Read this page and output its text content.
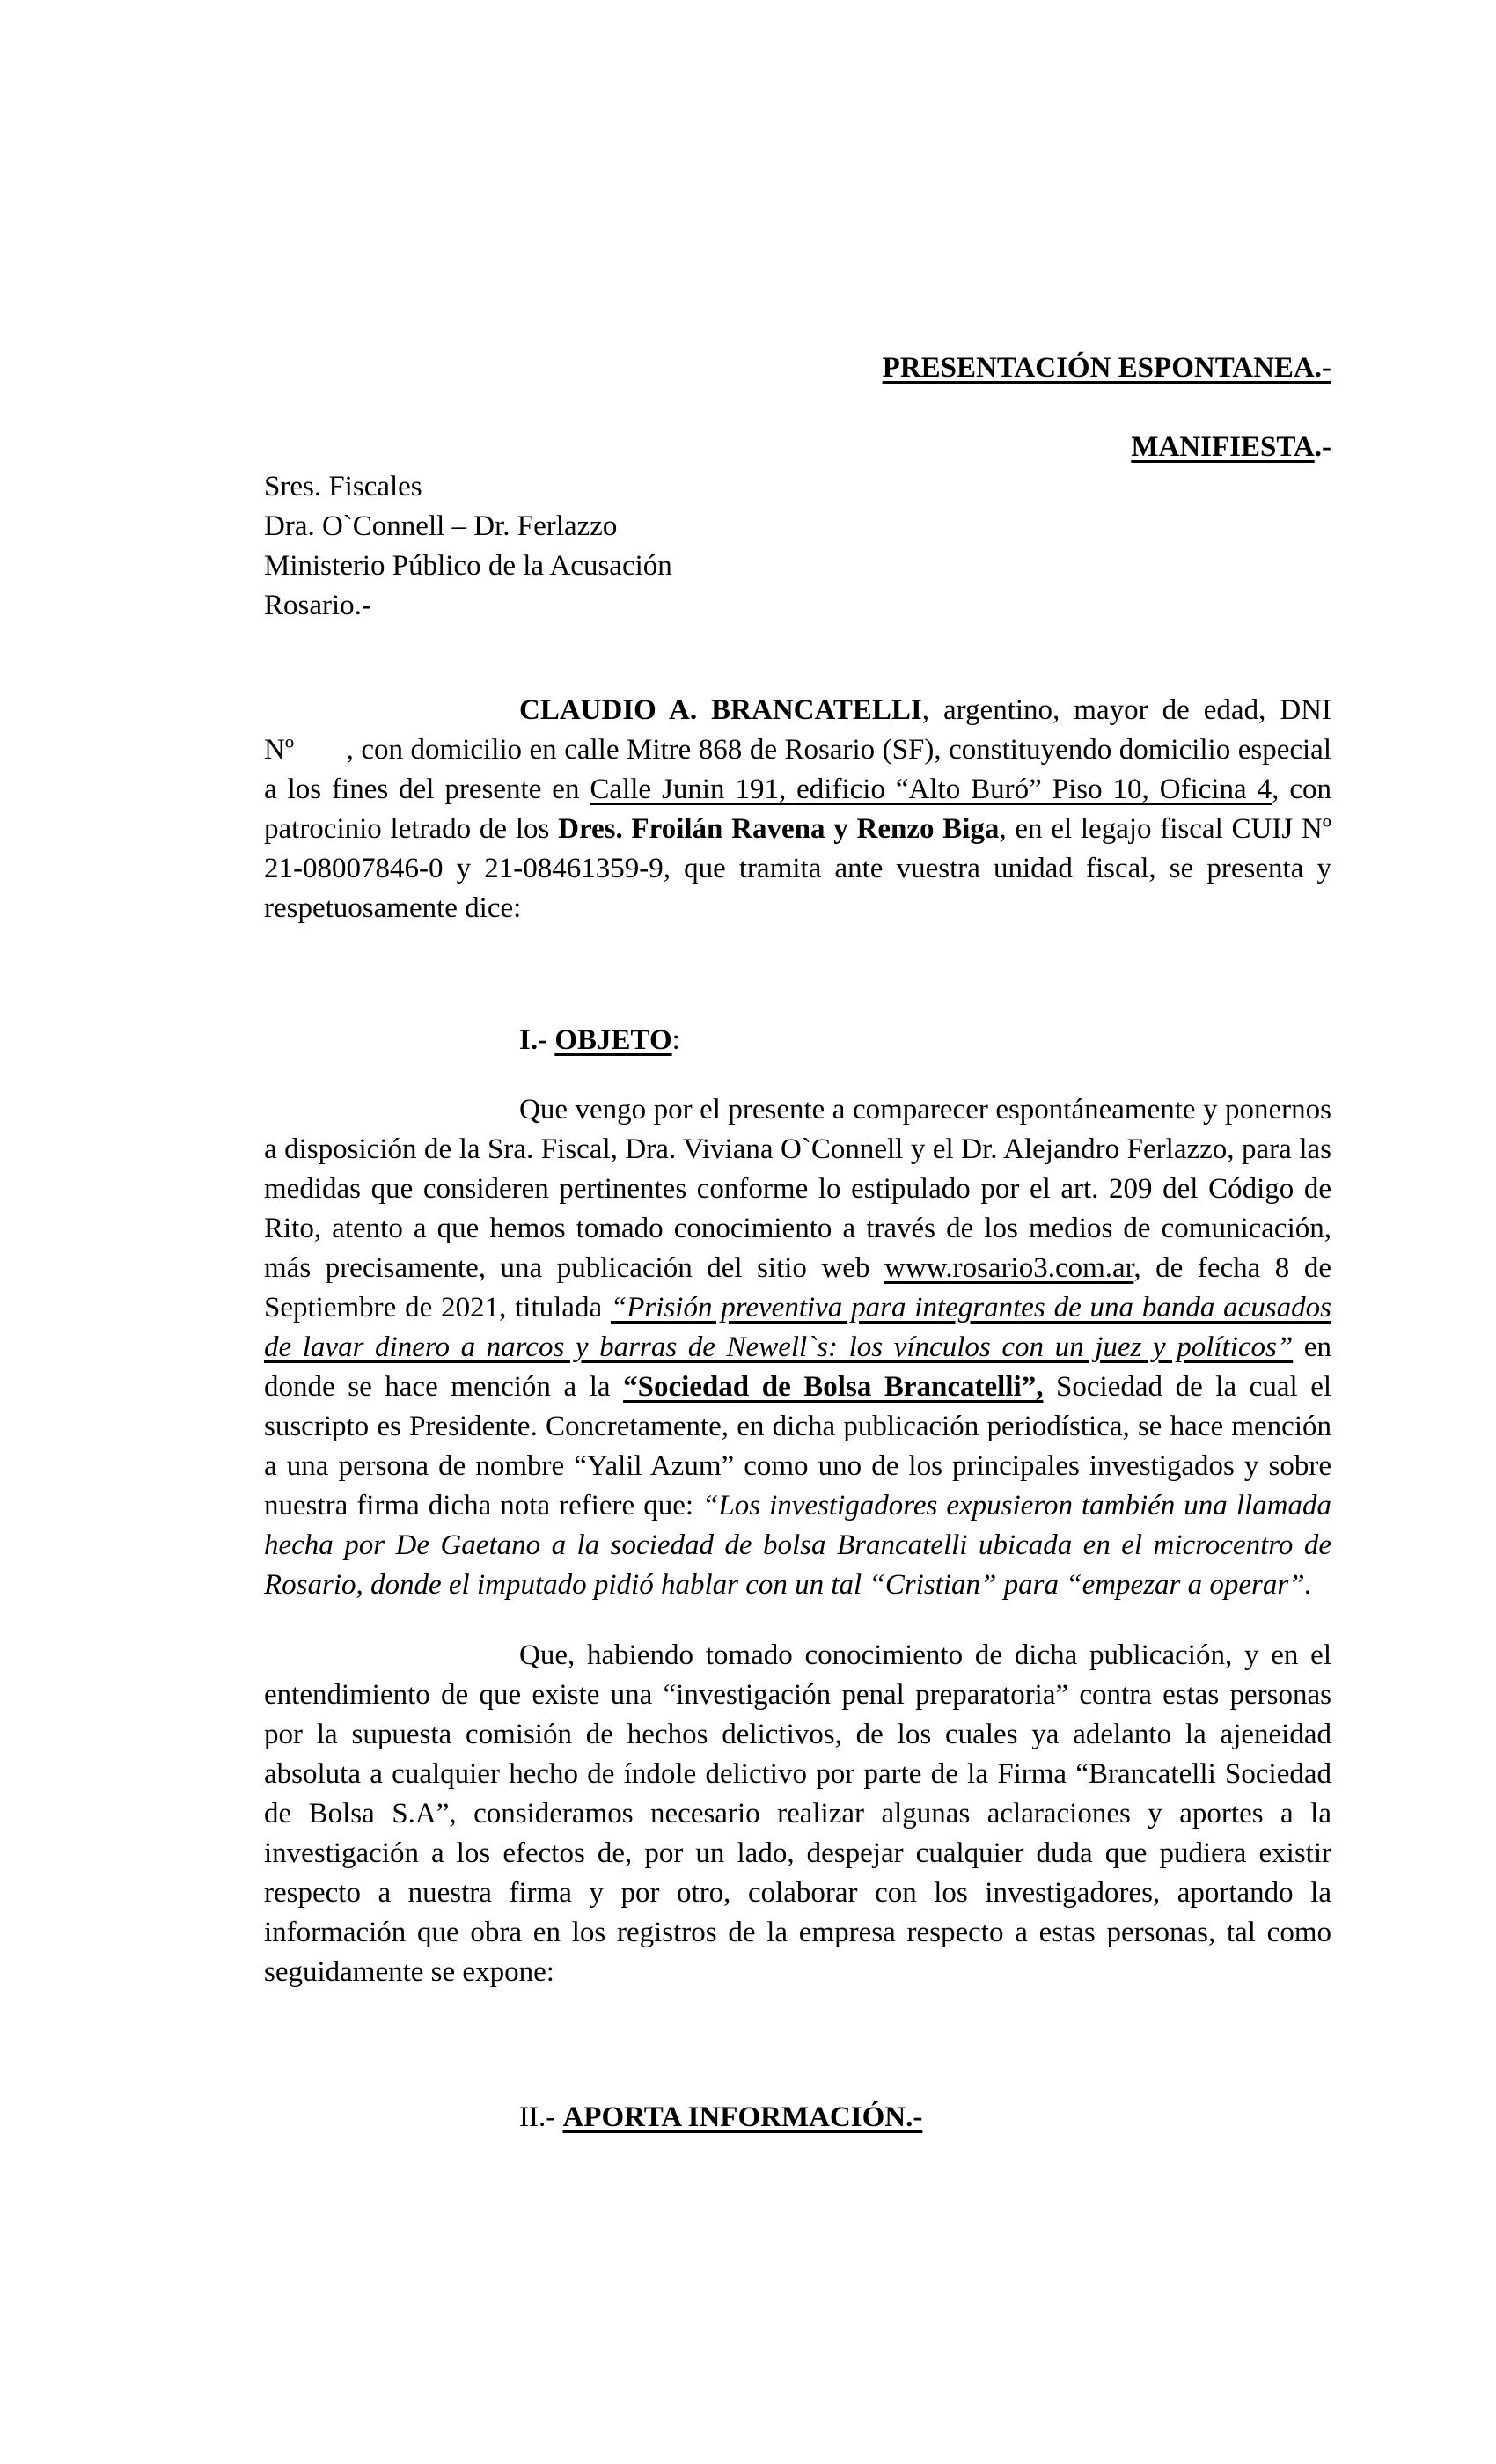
PRESENTACIÓN ESPONTANEA.-
MANIFIESTA.-
Sres. Fiscales
Dra. O`Connell – Dr. Ferlazzo
Ministerio Público de la Acusación
Rosario.-
CLAUDIO A. BRANCATELLI, argentino, mayor de edad, DNI Nº       , con domicilio en calle Mitre 868 de Rosario (SF), constituyendo domicilio especial a los fines del presente en Calle Junin 191, edificio “Alto Buró” Piso 10, Oficina 4, con patrocinio letrado de los Dres. Froilán Ravena y Renzo Biga, en el legajo fiscal CUIJ Nº 21-08007846-0 y 21-08461359-9, que tramita ante vuestra unidad fiscal, se presenta y respetuosamente dice:
I.- OBJETO:
Que vengo por el presente a comparecer espontáneamente y ponernos a disposición de la Sra. Fiscal, Dra. Viviana O`Connell y el Dr. Alejandro Ferlazzo, para las medidas que consideren pertinentes conforme lo estipulado por el art. 209 del Código de Rito, atento a que hemos tomado conocimiento a través de los medios de comunicación, más precisamente, una publicación del sitio web www.rosario3.com.ar, de fecha 8 de Septiembre de 2021, titulada “Prisión preventiva para integrantes de una banda acusados de lavar dinero a narcos y barras de Newell`s: los vínculos con un juez y políticos” en donde se hace mención a la “Sociedad de Bolsa Brancatelli”, Sociedad de la cual el suscripto es Presidente. Concretamente, en dicha publicación periodística, se hace mención a una persona de nombre “Yalil Azum” como uno de los principales investigados y sobre nuestra firma dicha nota refiere que: “Los investigadores expusieron también una llamada hecha por De Gaetano a la sociedad de bolsa Brancatelli ubicada en el microcentro de Rosario, donde el imputado pidió hablar con un tal “Cristian” para “empezar a operar”.
Que, habiendo tomado conocimiento de dicha publicación, y en el entendimiento de que existe una “investigación penal preparatoria” contra estas personas por la supuesta comisión de hechos delictivos, de los cuales ya adelanto la ajeneidad absoluta a cualquier hecho de índole delictivo por parte de la Firma “Brancatelli Sociedad de Bolsa S.A”, consideramos necesario realizar algunas aclaraciones y aportes a la investigación a los efectos de, por un lado, despejar cualquier duda que pudiera existir respecto a nuestra firma y por otro, colaborar con los investigadores, aportando la información que obra en los registros de la empresa respecto a estas personas, tal como seguidamente se expone:
II.- APORTA INFORMACIÓN.-
